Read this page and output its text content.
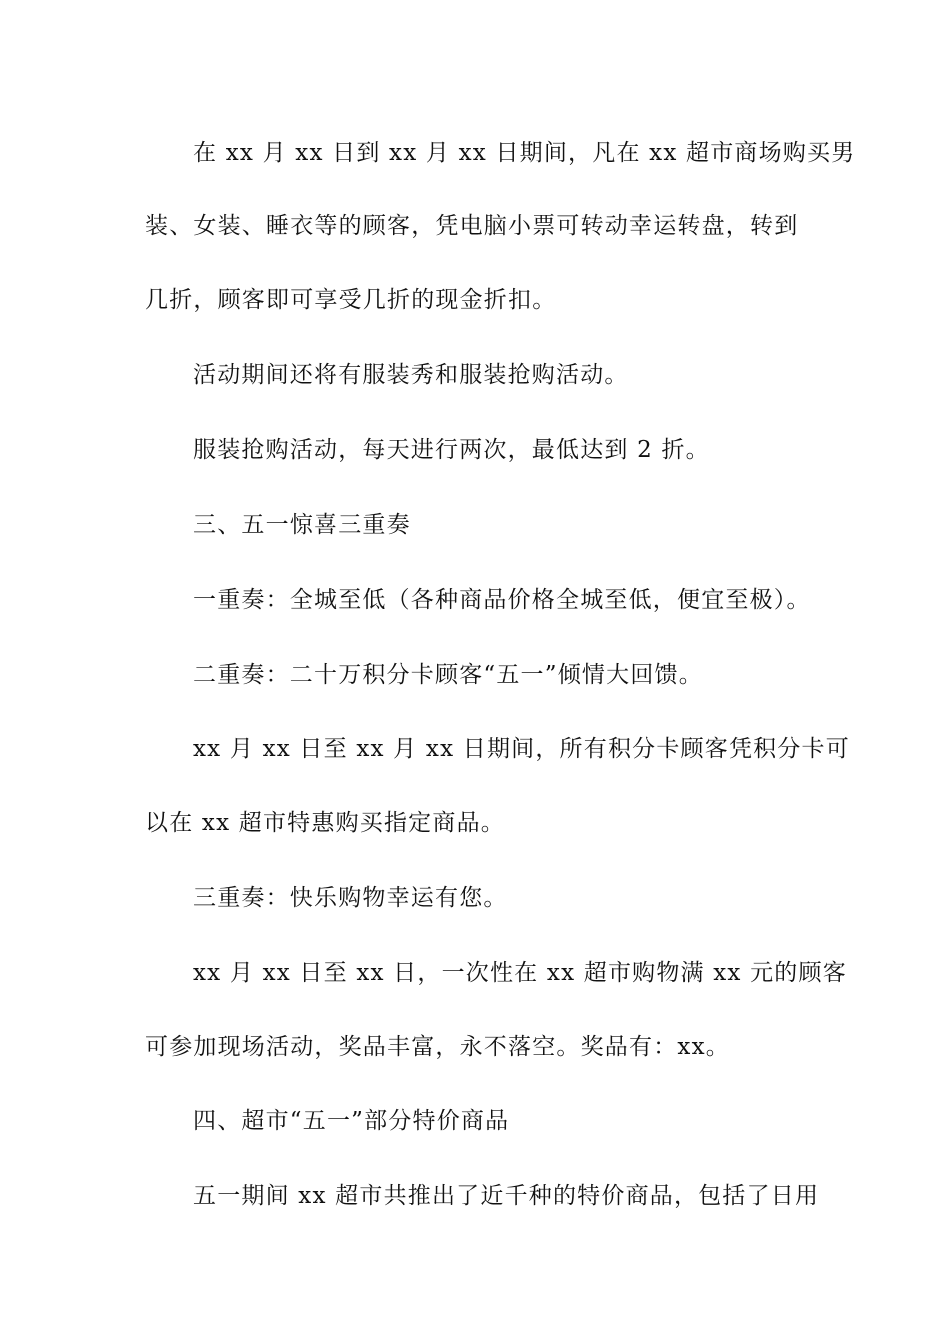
在 xx 月 xx 日到 xx 月 xx 日期间，凡在 xx 超市商场购买男
装、女装、睡衣等的顾客，凭电脑小票可转动幸运转盘，转到
几折，顾客即可享受几折的现金折扣。
活动期间还将有服装秀和服装抢购活动。
服装抢购活动，每天进行两次，最低达到 2 折。
三、五一惊喜三重奏
一重奏：全城至低（各种商品价格全城至低，便宜至极）。
二重奏：二十万积分卡顾客“五一”倾情大回馈。
xx 月 xx 日至 xx 月 xx 日期间，所有积分卡顾客凭积分卡可
以在 xx 超市特惠购买指定商品。
三重奏：快乐购物幸运有您。
xx 月 xx 日至 xx 日，一次性在 xx 超市购物满 xx 元的顾客
可参加现场活动，奖品丰富，永不落空。奖品有：xx。
四、超市“五一”部分特价商品
五一期间 xx 超市共推出了近千种的特价商品，包括了日用
